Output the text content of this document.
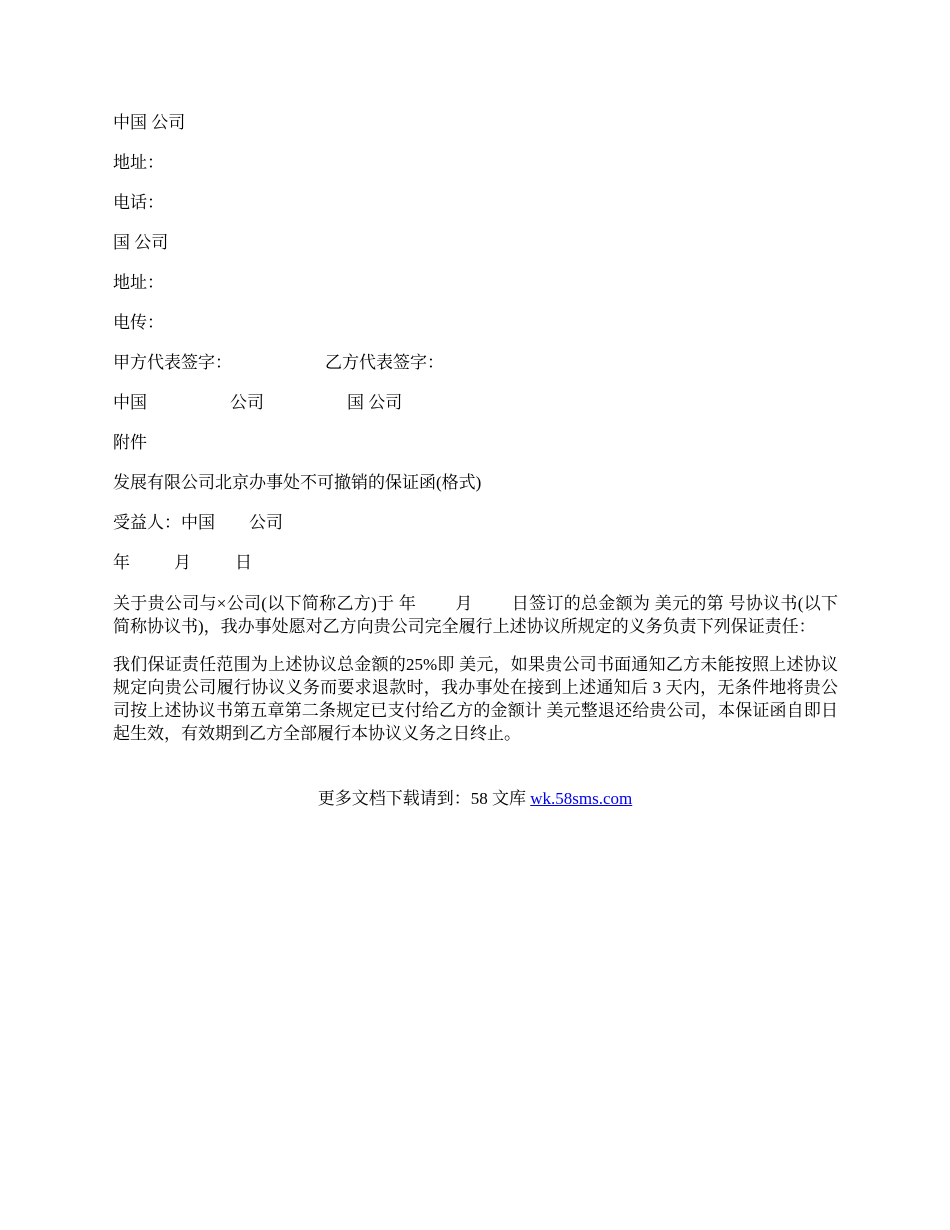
中国 公司
地址：
电话：
国 公司
地址：
电传：
甲方代表签字：	乙方代表签字：
中国	公司	国 公司
附件
发展有限公司北京办事处不可撤销的保证函(格式)
受益人：中国 公司
年	月	日
关于贵公司与×公司(以下简称乙方)于 年　　 月　　 日签订的总金额为 美元的第 号协议书(以下简称协议书)，我办事处愿对乙方向贵公司完全履行上述协议所规定的义务负责下列保证责任：
我们保证责任范围为上述协议总金额的25%即 美元，如果贵公司书面通知乙方未能按照上述协议规定向贵公司履行协议义务而要求退款时，我办事处在接到上述通知后 3 天内，无条件地将贵公司按上述协议书第五章第二条规定已支付给乙方的金额计 美元整退还给贵公司，本保证函自即日起生效，有效期到乙方全部履行本协议义务之日终止。
更多文档下载请到：58 文库 wk.58sms.com
